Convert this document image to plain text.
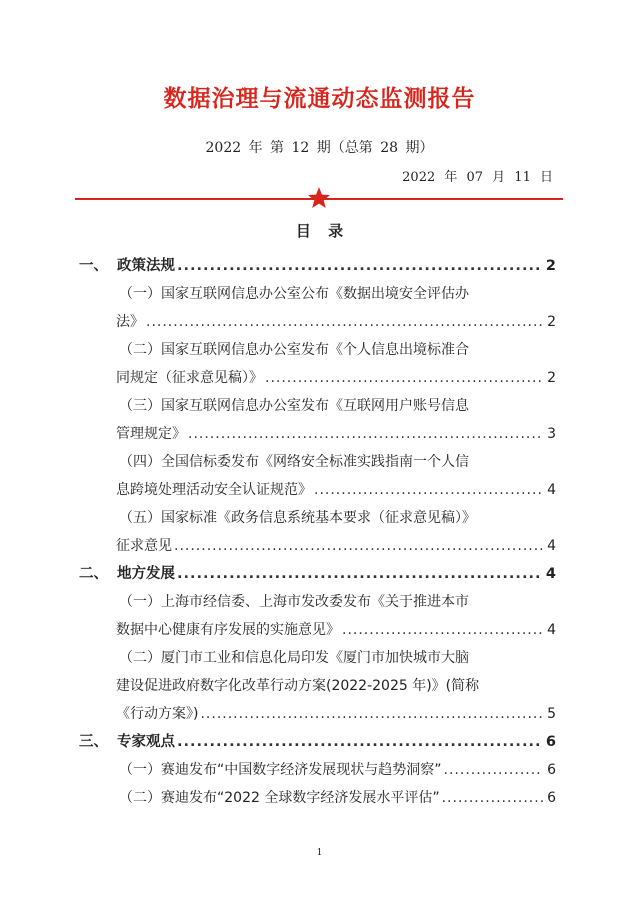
数据治理与流通动态监测报告
2022 年 第 12 期（总第 28 期）
2022 年 07 月 11 日
目 录
一、 政策法规 .....	2
（一）国家互联网信息办公室公布《数据出境安全评估办
法》 .....	2
（二）国家互联网信息办公室发布《个人信息出境标准合
同规定（征求意见稿）》 .....	2
（三）国家互联网信息办公室发布《互联网用户账号信息
管理规定》 .....	3
（四）全国信标委发布《网络安全标准实践指南一个人信
息跨境处理活动安全认证规范》 .....	4
（五）国家标准《政务信息系统基本要求（征求意见稿）》
征求意见 .....	4
二、 地方发展 .....	4
（一）上海市经信委、上海市发改委发布《关于推进本市
数据中心健康有序发展的实施意见》 .....	4
（二）厦门市工业和信息化局印发《厦门市加快城市大脑
建设促进政府数字化改革行动方案(2022-2025 年)》(简称
《行动方案》) .....	5
三、 专家观点 .....	6
（一）赛迪发布“中国数字经济发展现状与趋势洞察” .....	6
（二）赛迪发布“2022 全球数字经济发展水平评估” .....	6
1
